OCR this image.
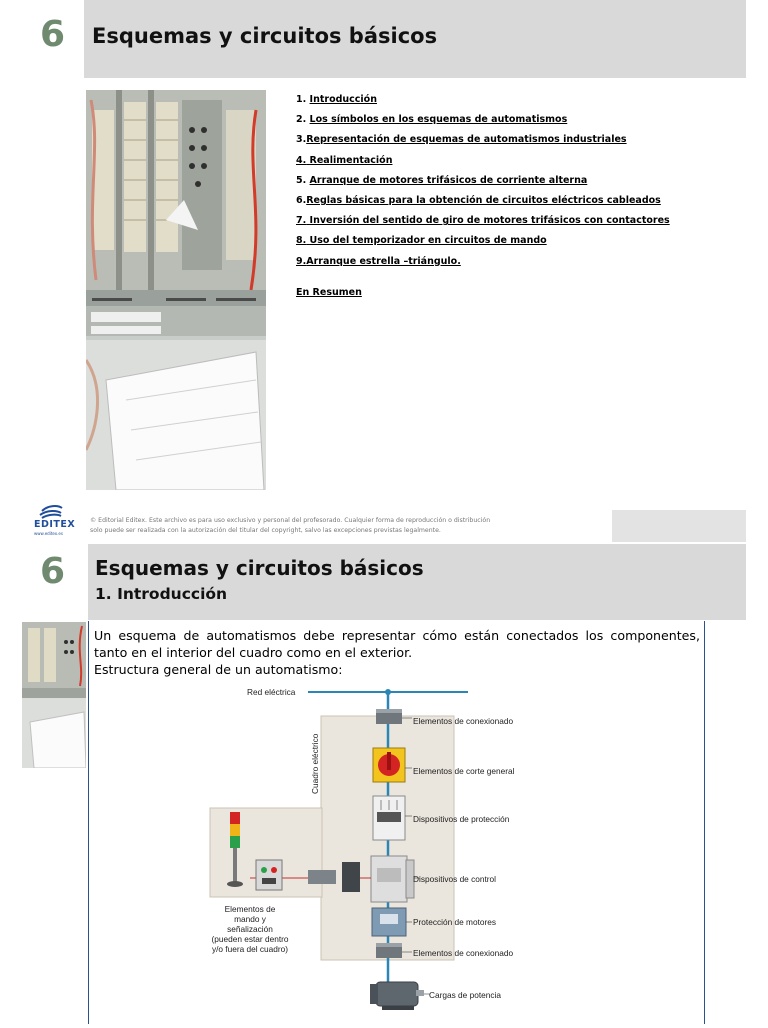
6	Esquemas y circuitos básicos
1. Introducción
2. Los símbolos en los esquemas de automatismos
3.Representación de esquemas de automatismos industriales
4. Realimentación
5. Arranque de motores trifásicos de corriente alterna
6.Reglas básicas para la obtención de circuitos eléctricos cableados
7. Inversión del sentido de giro de motores trifásicos con contactores
8. Uso del temporizador en circuitos de mando
9.Arranque estrella –triángulo.
En Resumen
EDITEX
www.editex.es
© Editorial Editex. Este archivo es para uso exclusivo y personal del profesorado. Cualquier forma de reproducción o distribución
solo puede ser realizada con la autorización del titular del copyright, salvo las excepciones previstas legalmente.
6	Esquemas y circuitos básicos
1. Introducción
Un esquema de automatismos debe representar cómo están conectados los componentes,
tanto en el interior del cuadro como en el exterior.
Estructura general de un automatismo:
Red eléctrica
Cuadro eléctrico
Elementos de conexionado
Elementos de corte general
Dispositivos de protección
Dispositivos de control
Protección de motores
Elementos de conexionado
Cargas de potencia
Elementos de
mando y
señalización
(pueden estar dentro
y/o fuera del cuadro)
